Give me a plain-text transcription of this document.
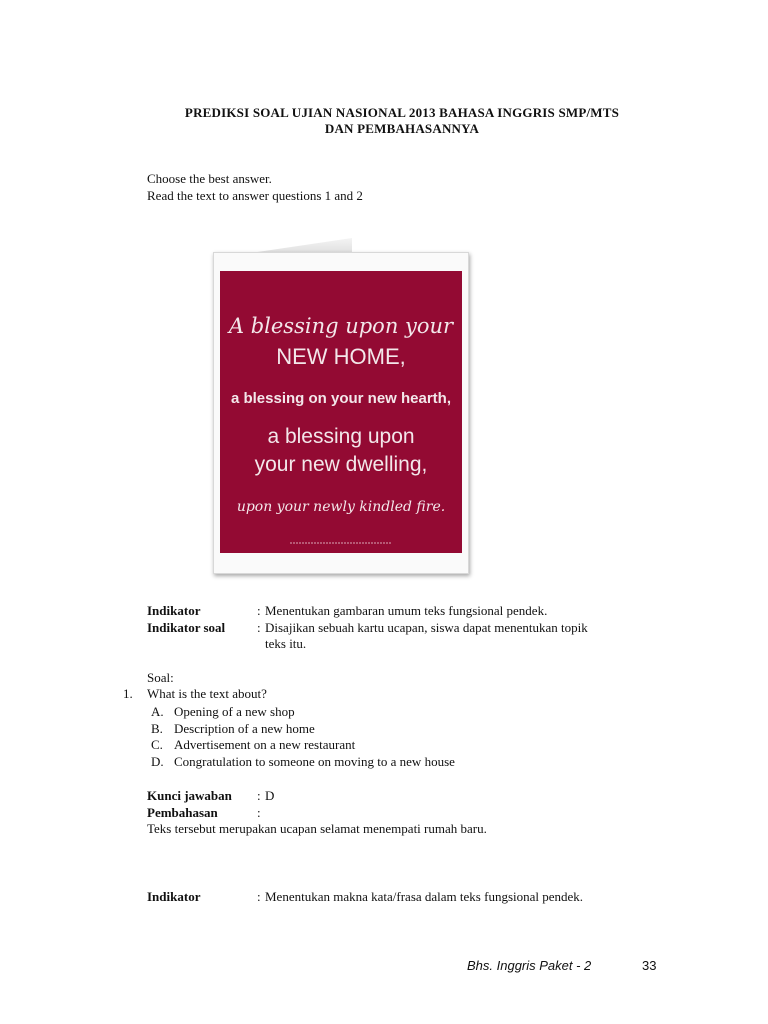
PREDIKSI SOAL UJIAN NASIONAL 2013 BAHASA INGGRIS SMP/MTS
DAN PEMBAHASANNYA
Choose the best answer.
Read the text to answer questions 1 and 2
A blessing upon your
NEW HOME,
a blessing on your new hearth,
a blessing upon
your new dwelling,
upon your newly kindled fire.
Indikator	: Menentukan gambaran umum teks fungsional pendek.
Indikator soal : Disajikan sebuah kartu ucapan, siswa dapat menentukan topik
teks itu.
Soal:
1. What is the text about?
A. Opening of a new shop
B. Description of a new home
C. Advertisement on a new restaurant
D. Congratulation to someone on moving to a new house
Kunci jawaban : D
Pembahasan	:
Teks tersebut merupakan ucapan selamat menempati rumah baru.
Indikator	: Menentukan makna kata/frasa dalam teks fungsional pendek.
Bhs. Inggris Paket - 2	33
